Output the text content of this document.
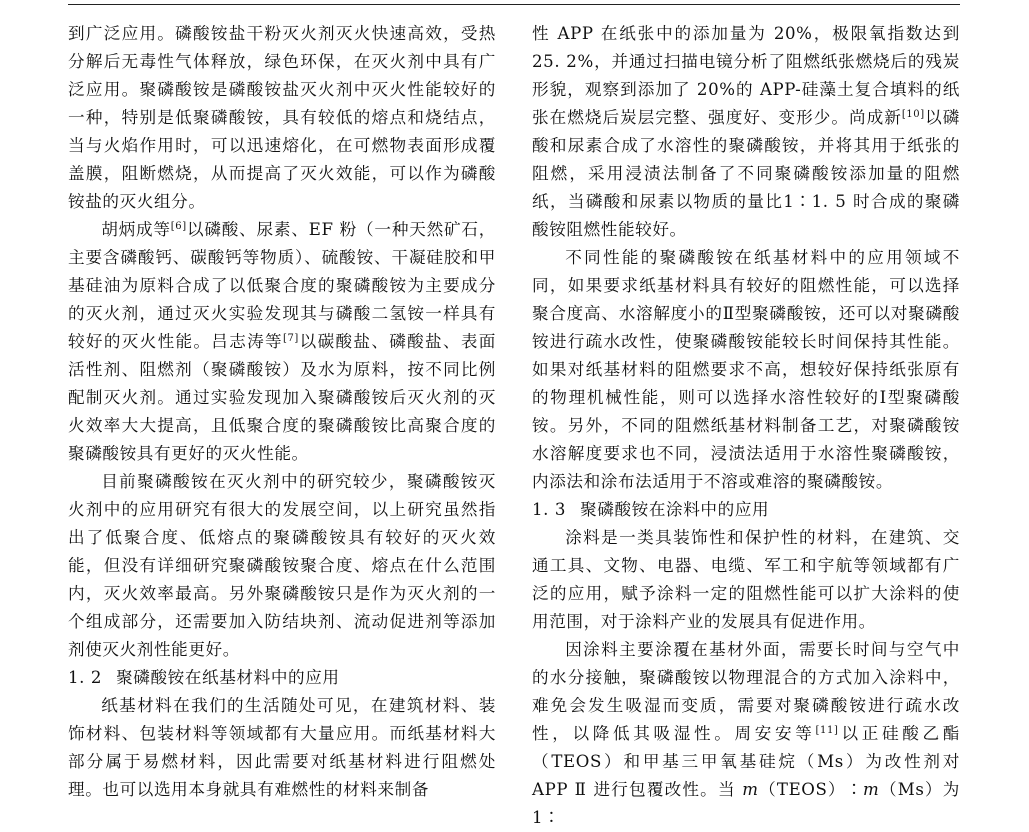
到广泛应用。磷酸铵盐干粉灭火剂灭火快速高效，受热分解后无毒性气体释放，绿色环保，在灭火剂中具有广泛应用。聚磷酸铵是磷酸铵盐灭火剂中灭火性能较好的一种，特别是低聚磷酸铵，具有较低的熔点和烧结点，当与火焰作用时，可以迅速熔化，在可燃物表面形成覆盖膜，阻断燃烧，从而提高了灭火效能，可以作为磷酸铵盐的灭火组分。

胡炳成等[6]以磷酸、尿素、EF 粉（一种天然矿石，主要含磷酸钙、碳酸钙等物质）、硫酸铵、干凝硅胶和甲基硅油为原料合成了以低聚合度的聚磷酸铵为主要成分的灭火剂，通过灭火实验发现其与磷酸二氢铵一样具有较好的灭火性能。吕志涛等[7]以碳酸盐、磷酸盐、表面活性剂、阻燃剂（聚磷酸铵）及水为原料，按不同比例配制灭火剂。通过实验发现加入聚磷酸铵后灭火剂的灭火效率大大提高，且低聚合度的聚磷酸铵比高聚合度的聚磷酸铵具有更好的灭火性能。

目前聚磷酸铵在灭火剂中的研究较少，聚磷酸铵灭火剂中的应用研究有很大的发展空间，以上研究虽然指出了低聚合度、低熔点的聚磷酸铵具有较好的灭火效能，但没有详细研究聚磷酸铵聚合度、熔点在什么范围内，灭火效率最高。另外聚磷酸铵只是作为灭火剂的一个组成部分，还需要加入防结块剂、流动促进剂等添加剂使灭火剂性能更好。

1. 2 聚磷酸铵在纸基材料中的应用

纸基材料在我们的生活随处可见，在建筑材料、装饰材料、包装材料等领域都有大量应用。而纸基材料大部分属于易燃材料，因此需要对纸基材料进行阻燃处理。也可以选用本身就具有难燃性的材料来制备

性 APP 在纸张中的添加量为 20%，极限氧指数达到 25. 2%，并通过扫描电镜分析了阻燃纸张燃烧后的残炭形貌，观察到添加了 20%的 APP-硅藻土复合填料的纸张在燃烧后炭层完整、强度好、变形少。尚成新[10]以磷酸和尿素合成了水溶性的聚磷酸铵，并将其用于纸张的阻燃，采用浸渍法制备了不同聚磷酸铵添加量的阻燃纸，当磷酸和尿素以物质的量比1∶1. 5 时合成的聚磷酸铵阻燃性能较好。

不同性能的聚磷酸铵在纸基材料中的应用领域不同，如果要求纸基材料具有较好的阻燃性能，可以选择聚合度高、水溶解度小的Ⅱ型聚磷酸铵，还可以对聚磷酸铵进行疏水改性，使聚磷酸铵能较长时间保持其性能。如果对纸基材料的阻燃要求不高，想较好保持纸张原有的物理机械性能，则可以选择水溶性较好的Ⅰ型聚磷酸铵。另外，不同的阻燃纸基材料制备工艺，对聚磷酸铵水溶解度要求也不同，浸渍法适用于水溶性聚磷酸铵，内添法和涂布法适用于不溶或难溶的聚磷酸铵。

1. 3 聚磷酸铵在涂料中的应用

涂料是一类具装饰性和保护性的材料，在建筑、交通工具、文物、电器、电缆、军工和宇航等领域都有广泛的应用，赋予涂料一定的阻燃性能可以扩大涂料的使用范围，对于涂料产业的发展具有促进作用。

因涂料主要涂覆在基材外面，需要长时间与空气中的水分接触，聚磷酸铵以物理混合的方式加入涂料中，难免会发生吸湿而变质，需要对聚磷酸铵进行疏水改性，以降低其吸湿性。周安安等[11]以正硅酸乙酯（TEOS）和甲基三甲氧基硅烷（Ms）为改性剂对 APP Ⅱ 进行包覆改性。当 m（TEOS）∶m（Ms）为 1∶
